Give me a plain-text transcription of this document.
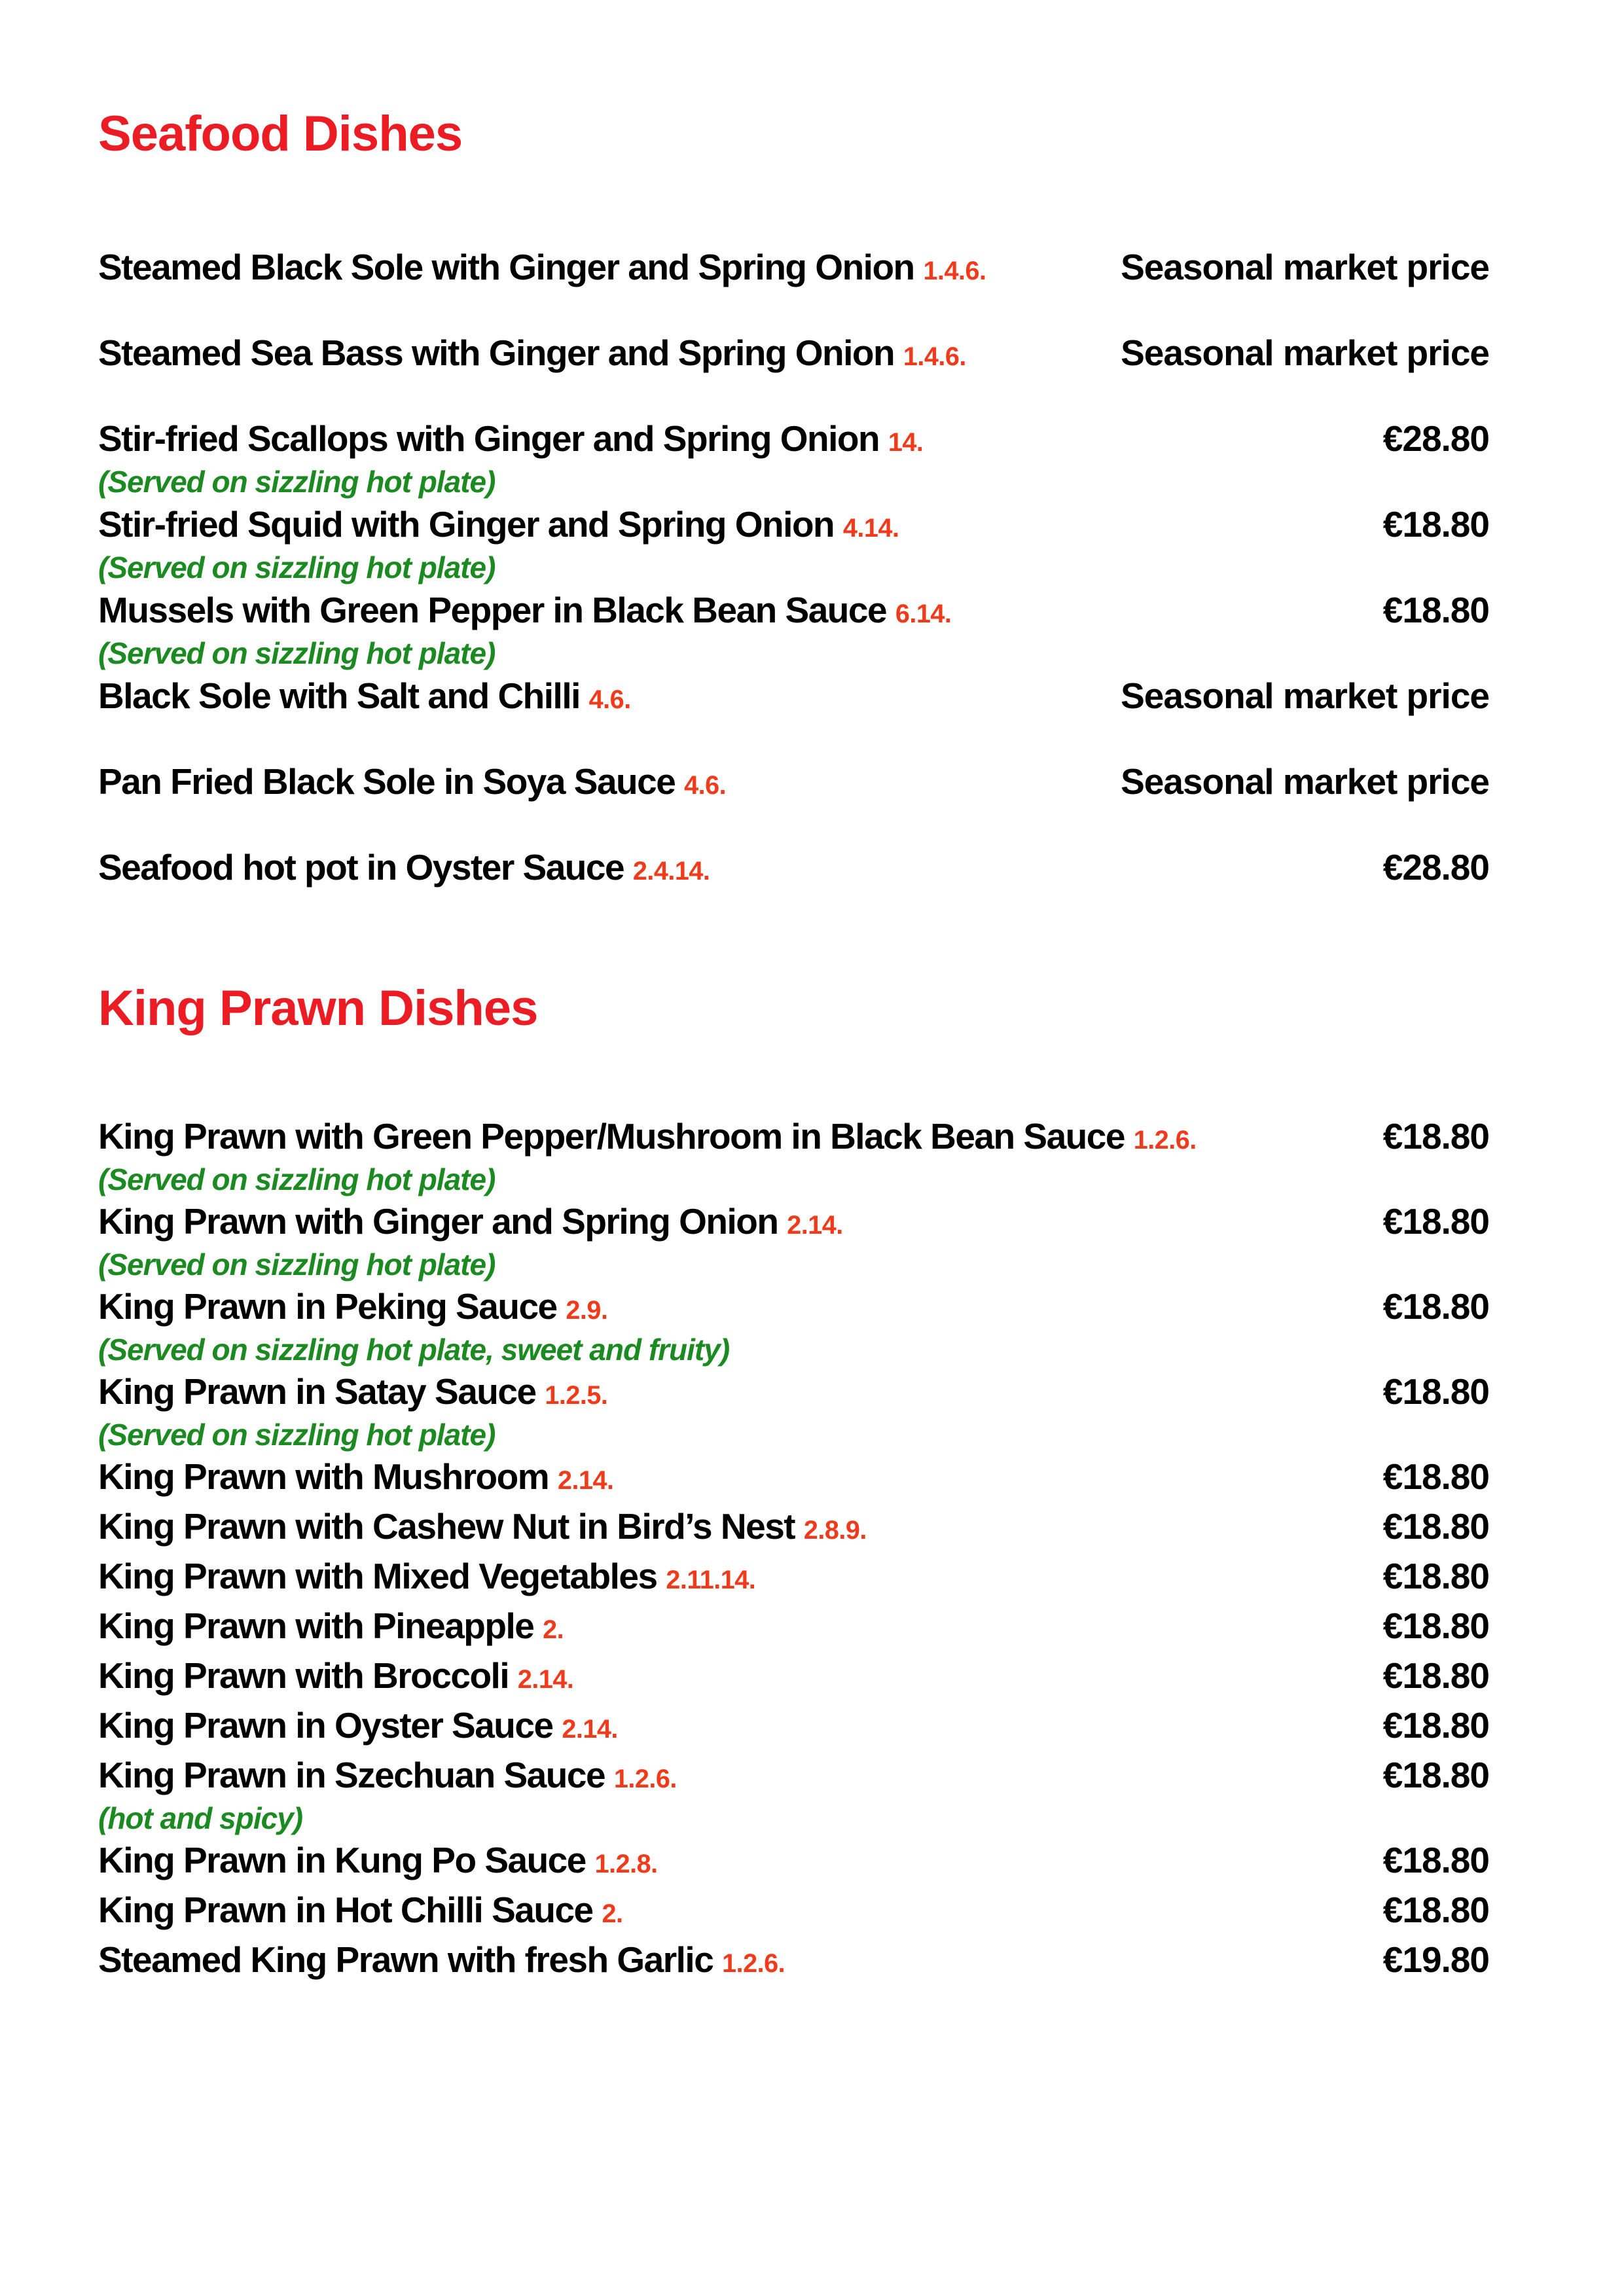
Seafood Dishes
Steamed Black Sole with Ginger and Spring Onion 1.4.6.	Seasonal market price
Steamed Sea Bass with Ginger and Spring Onion 1.4.6.	Seasonal market price
Stir-fried Scallops with Ginger and Spring Onion 14.	€28.80
(Served on sizzling hot plate)
Stir-fried Squid with Ginger and Spring Onion 4.14.	€18.80
(Served on sizzling hot plate)
Mussels with Green Pepper in Black Bean Sauce 6.14.	€18.80
(Served on sizzling hot plate)
Black Sole with Salt and Chilli 4.6.	Seasonal market price
Pan Fried Black Sole in Soya Sauce 4.6.	Seasonal market price
Seafood hot pot in Oyster Sauce 2.4.14.	€28.80
King Prawn Dishes
King Prawn with Green Pepper/Mushroom in Black Bean Sauce 1.2.6.	€18.80
(Served on sizzling hot plate)
King Prawn with Ginger and Spring Onion 2.14.	€18.80
(Served on sizzling hot plate)
King Prawn in Peking Sauce 2.9.	€18.80
(Served on sizzling hot plate, sweet and fruity)
King Prawn in Satay Sauce 1.2.5.	€18.80
(Served on sizzling hot plate)
King Prawn with Mushroom 2.14.	€18.80
King Prawn with Cashew Nut in Bird’s Nest 2.8.9.	€18.80
King Prawn with Mixed Vegetables 2.11.14.	€18.80
King Prawn with Pineapple 2.	€18.80
King Prawn with Broccoli 2.14.	€18.80
King Prawn in Oyster Sauce 2.14.	€18.80
King Prawn in Szechuan Sauce 1.2.6.	€18.80
(hot and spicy)
King Prawn in Kung Po Sauce 1.2.8.	€18.80
King Prawn in Hot Chilli Sauce 2.	€18.80
Steamed King Prawn with fresh Garlic 1.2.6.	€19.80
